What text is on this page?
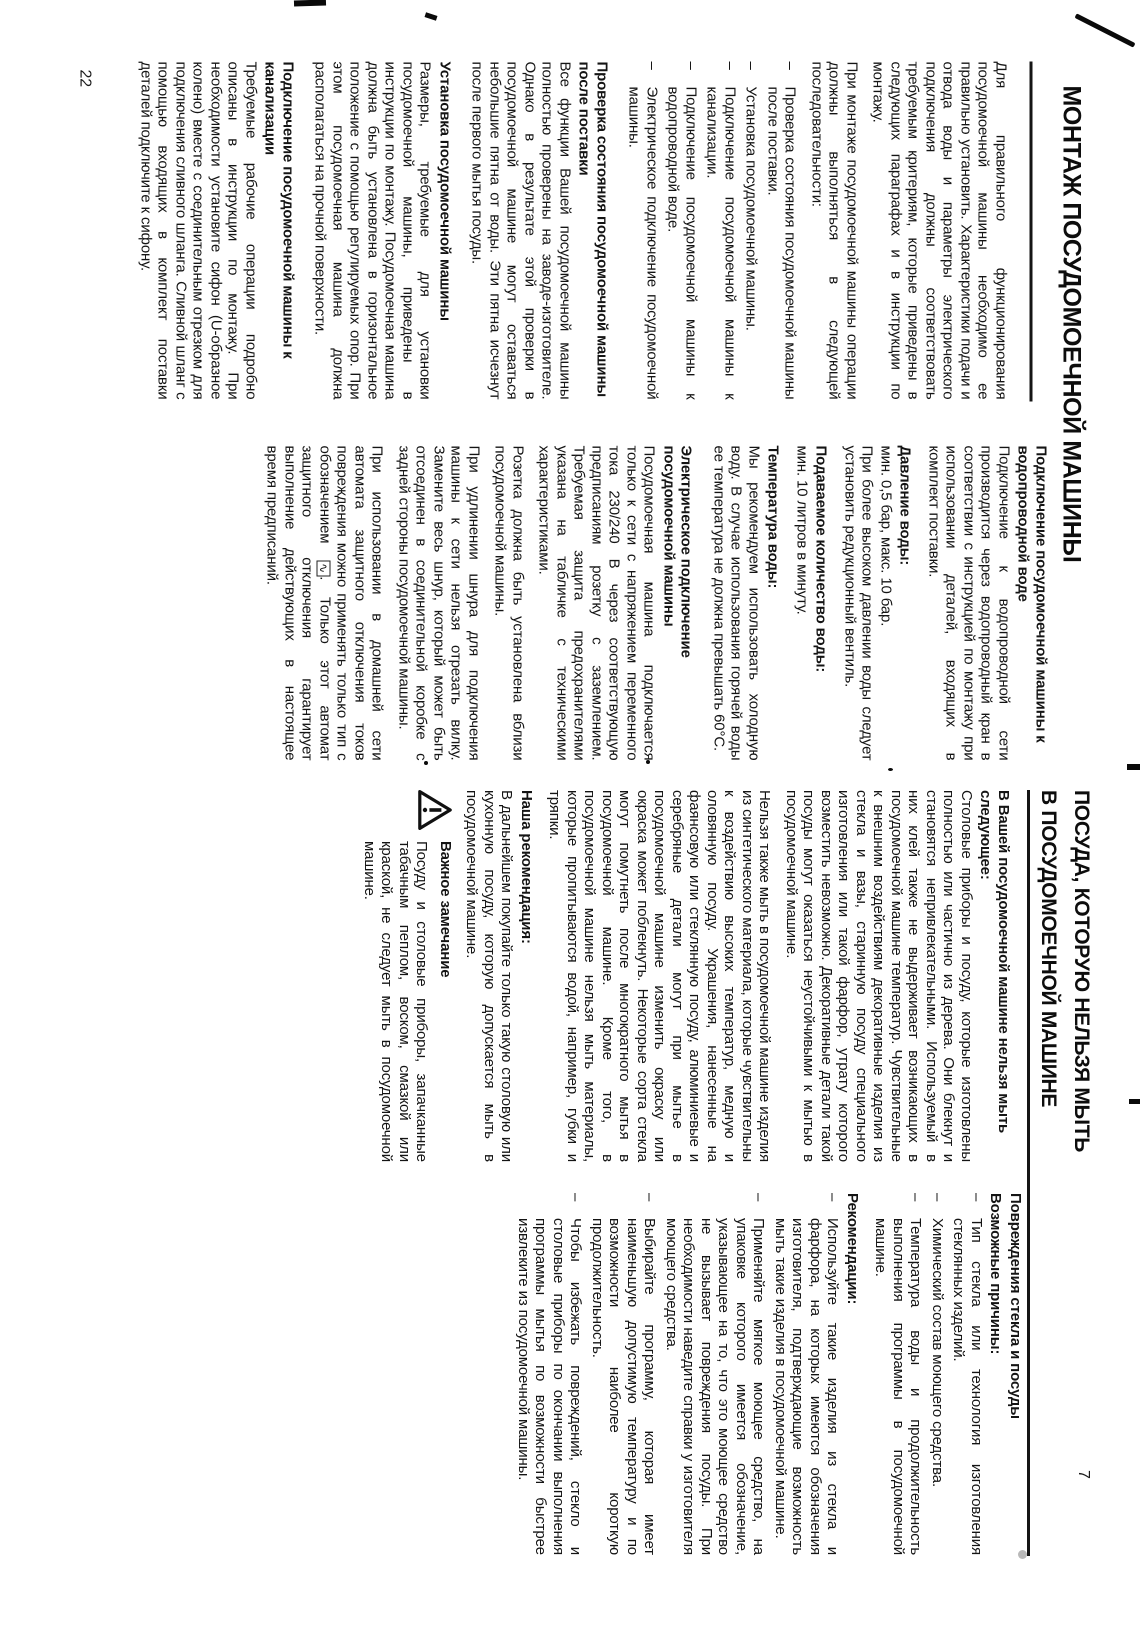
МОНТАЖ ПОСУДОМОЕЧНОЙ МАШИНЫ
Для правильного функционирования посудомоечной машины необходимо ее правильно установить. Характеристики подачи и отвода воды и параметры электрического подключения должны соответствовать требуемым критериям, которые приведены в следующих параграфах и в инструкции по монтажу.
При монтаже посудомоечной машины операции должны выполняться в следующей последовательности:
–
Проверка состояния посудомоечной машины после поставки.
–
Установка посудомоечной машины.
–
Подключение посудомоечной машины к канализации.
–
Подключение посудомоечной машины к водопроводной воде.
–
Электрическое подключение посудомоечной машины.
Проверка состояния посудомоечной машины после поставки
Все функции Вашей посудомоечной машины полностью проверены на заводе-изготовителе. Однако в результате этой проверки в посудомоечной машине могут оставаться небольшие пятна от воды. Эти пятна исчезнут после первого мытья посуды.
Установка посудомоечной машины
Размеры, требуемые для установки посудомоечной машины, приведены в инструкции по монтажу. Посудомоечная машина должна быть установлена в горизонтальное положение с помощью регулируемых опор. При этом посудомоечная машина должна располагаться на прочной поверхности.
Подключение посудомоечной машины к канализации
Требуемые рабочие операции подробно описаны в инструкции по монтажу. При необходимости установите сифон (U-образное колено) вместе с соединительным отрезком для подключения сливного шланга. Сливной шланг с помощью входящих в комплект поставки деталей подключите к сифону.
Подключение посудомоечной машины к водопроводной воде
Подключение к водопроводной сети производится через водопроводный кран в соответствии с инструкцией по монтажу при использовании деталей, входящих в комплект поставки.
Давление воды:
мин. 0,5 бар, макс. 10 бар.
При более высоком давлении воды следует установить редукционный вентиль.
Подаваемое количество воды:
мин. 10 литров в минуту.
Температура воды:
Мы рекомендуем использовать холодную воду. В случае использования горячей воды ее температура не должна превышать 60°С.
Электрическое подключение посудомоечной машины
Посудомоечная машина подключается только к сети с напряжением переменного тока 230/240 В через соответствующую предписаниям розетку с заземлением. Требуемая защита предохранителями указана на табличке с техническими характеристиками.
Розетка должна быть установлена вблизи посудомоечной машины.
При удлинении шнура для подключения машины к сети нельзя отрезать вилку. Замените весь шнур, который может быть отсоединен в соединительной коробке с задней стороны посудомоечной машины.
При использовании в домашней сети автомата защитного отключения токов повреждения можно применять только тип с обозначением ∿. Только этот автомат защитного отключения гарантирует выполнение действующих в настоящее время предписаний.
22
ПОСУДА, КОТОРУЮ НЕЛЬЗЯ МЫТЬ
В ПОСУДОМОЕЧНОЙ МАШИНЕ
В Вашей посудомоечной машине нельзя мыть следующее:
Столовые приборы и посуду, которые изготовлены полностью или частично из дерева. Они блекнут и становятся непривлекательными. Используемый в них клей также не выдерживает возникающих в посудомоечной машине температур. Чувствительные к внешним воздействиям декоративные изделия из стекла и вазы, старинную посуду специального изготовления или такой фарфор, утрату которого возместить невозможно. Декоративные детали такой посуды могут оказаться неустойчивыми к мытью в посудомоечной машине.
Нельзя также мыть в посудомоечной машине изделия из синтетического материала, которые чувствительны к воздействию высоких температур, медную и оловянную посуду. Украшения, нанесенные на фаянсовую или стеклянную посуду, алюминиевые и серебряные детали могут при мытье в посудомоечной машине изменить окраску или окраска может поблекнуть. Некоторые сорта стекла могут помутнеть после многократного мытья в посудомоечной машине. Кроме того, в посудомоечной машине нельзя мыть материалы, которые пропитываются водой, например, губки и тряпки.
Наша рекомендация:
В дальнейшем покупайте только такую столовую или кухонную посуду, которую допускается мыть в посудомоечной машине.
Важное замечание
Посуду и столовые приборы, запачканные табачным пеплом, воском, смазкой или краской, не следует мыть в посудомоечной машине.
Повреждения стекла и посуды
Возможные причины:
–
Тип стекла или технология изготовления стеклянных изделий.
–
Химический состав моющего средства.
–
Температура воды и продолжительность выполнения программы в посудомоечной машине.
Рекомендации:
–
Используйте такие изделия из стекла и фарфора, на которых имеются обозначения изготовителя, подтверждающие возможность мыть такие изделия в посудомоечной машине.
–
Применяйте мягкое моющее средство, на упаковке которого имеется обозначение, указывающее на то, что это моющее средство не вызывает повреждения посуды. При необходимости наведите справки у изготовителя моющего средства.
–
Выбирайте программу, которая имеет наименьшую допустимую температуру и по возможности наиболее короткую продолжительность.
–
Чтобы избежать повреждений, стекло и столовые приборы по окончании выполнения программы мытья по возможности быстрее извлеките из посудомоечной машины.	7
